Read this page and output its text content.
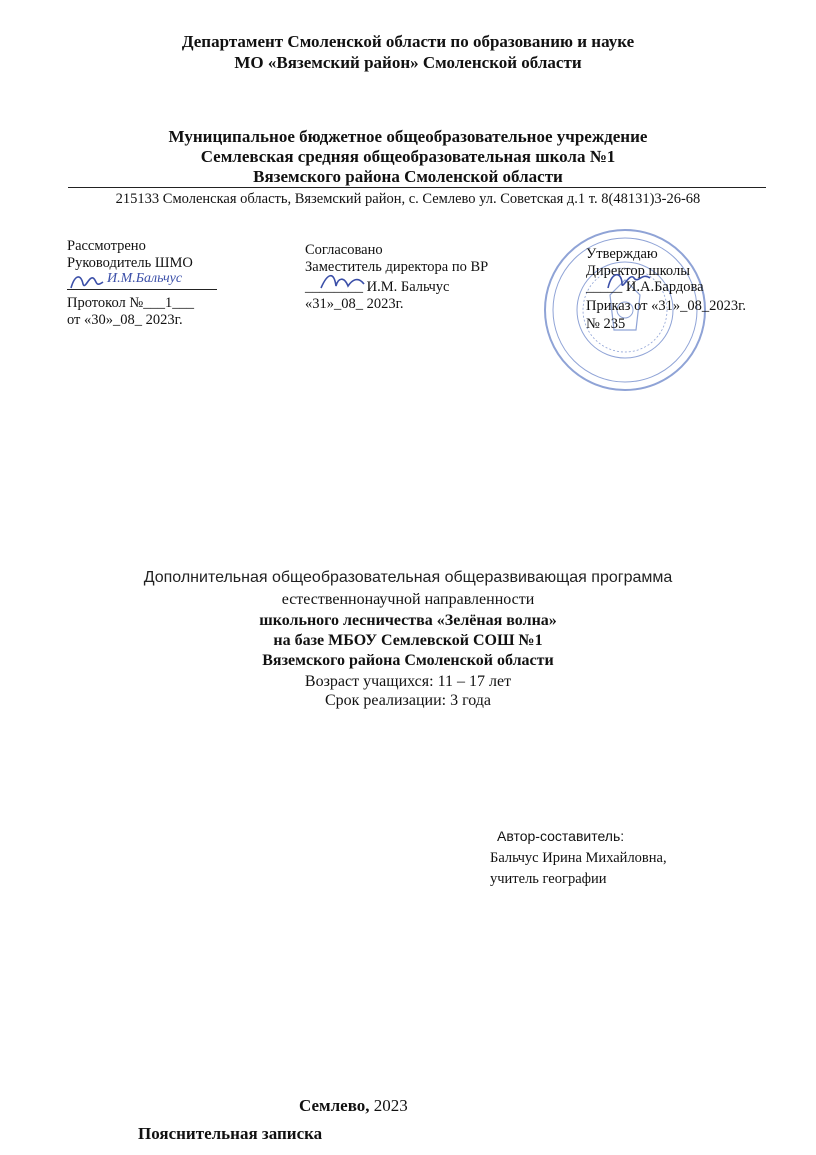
Департамент Смоленской области по образованию и науке
МО «Вяземский район» Смоленской области
Муниципальное бюджетное общеобразовательное учреждение
Семлевская средняя общеобразовательная школа №1
Вяземского района Смоленской области
215133 Смоленская область, Вяземский район, с. Семлево ул. Советская д.1 т. 8(48131)3-26-68
Рассмотрено
Руководитель ШМО
И.М.Бальчус
Протокол №___1___
от «30»_08_ 2023г.
Согласовано
Заместитель директора по ВР
________ И.М. Бальчус
«31»_08_ 2023г.
Утверждаю
Директор школы
_____ И.А.Бардова
Приказ от «31»_08_2023г.
№ 235
Дополнительная общеобразовательная общеразвивающая программа
естественнонаучной направленности
школьного лесничества «Зелёная волна»
на базе МБОУ Семлевской СОШ №1
Вяземского района Смоленской области
Возраст учащихся: 11 – 17 лет
Срок реализации: 3 года
Автор-составитель:
Бальчус Ирина Михайловна,
учитель географии
Семлево, 2023
Пояснительная записка
